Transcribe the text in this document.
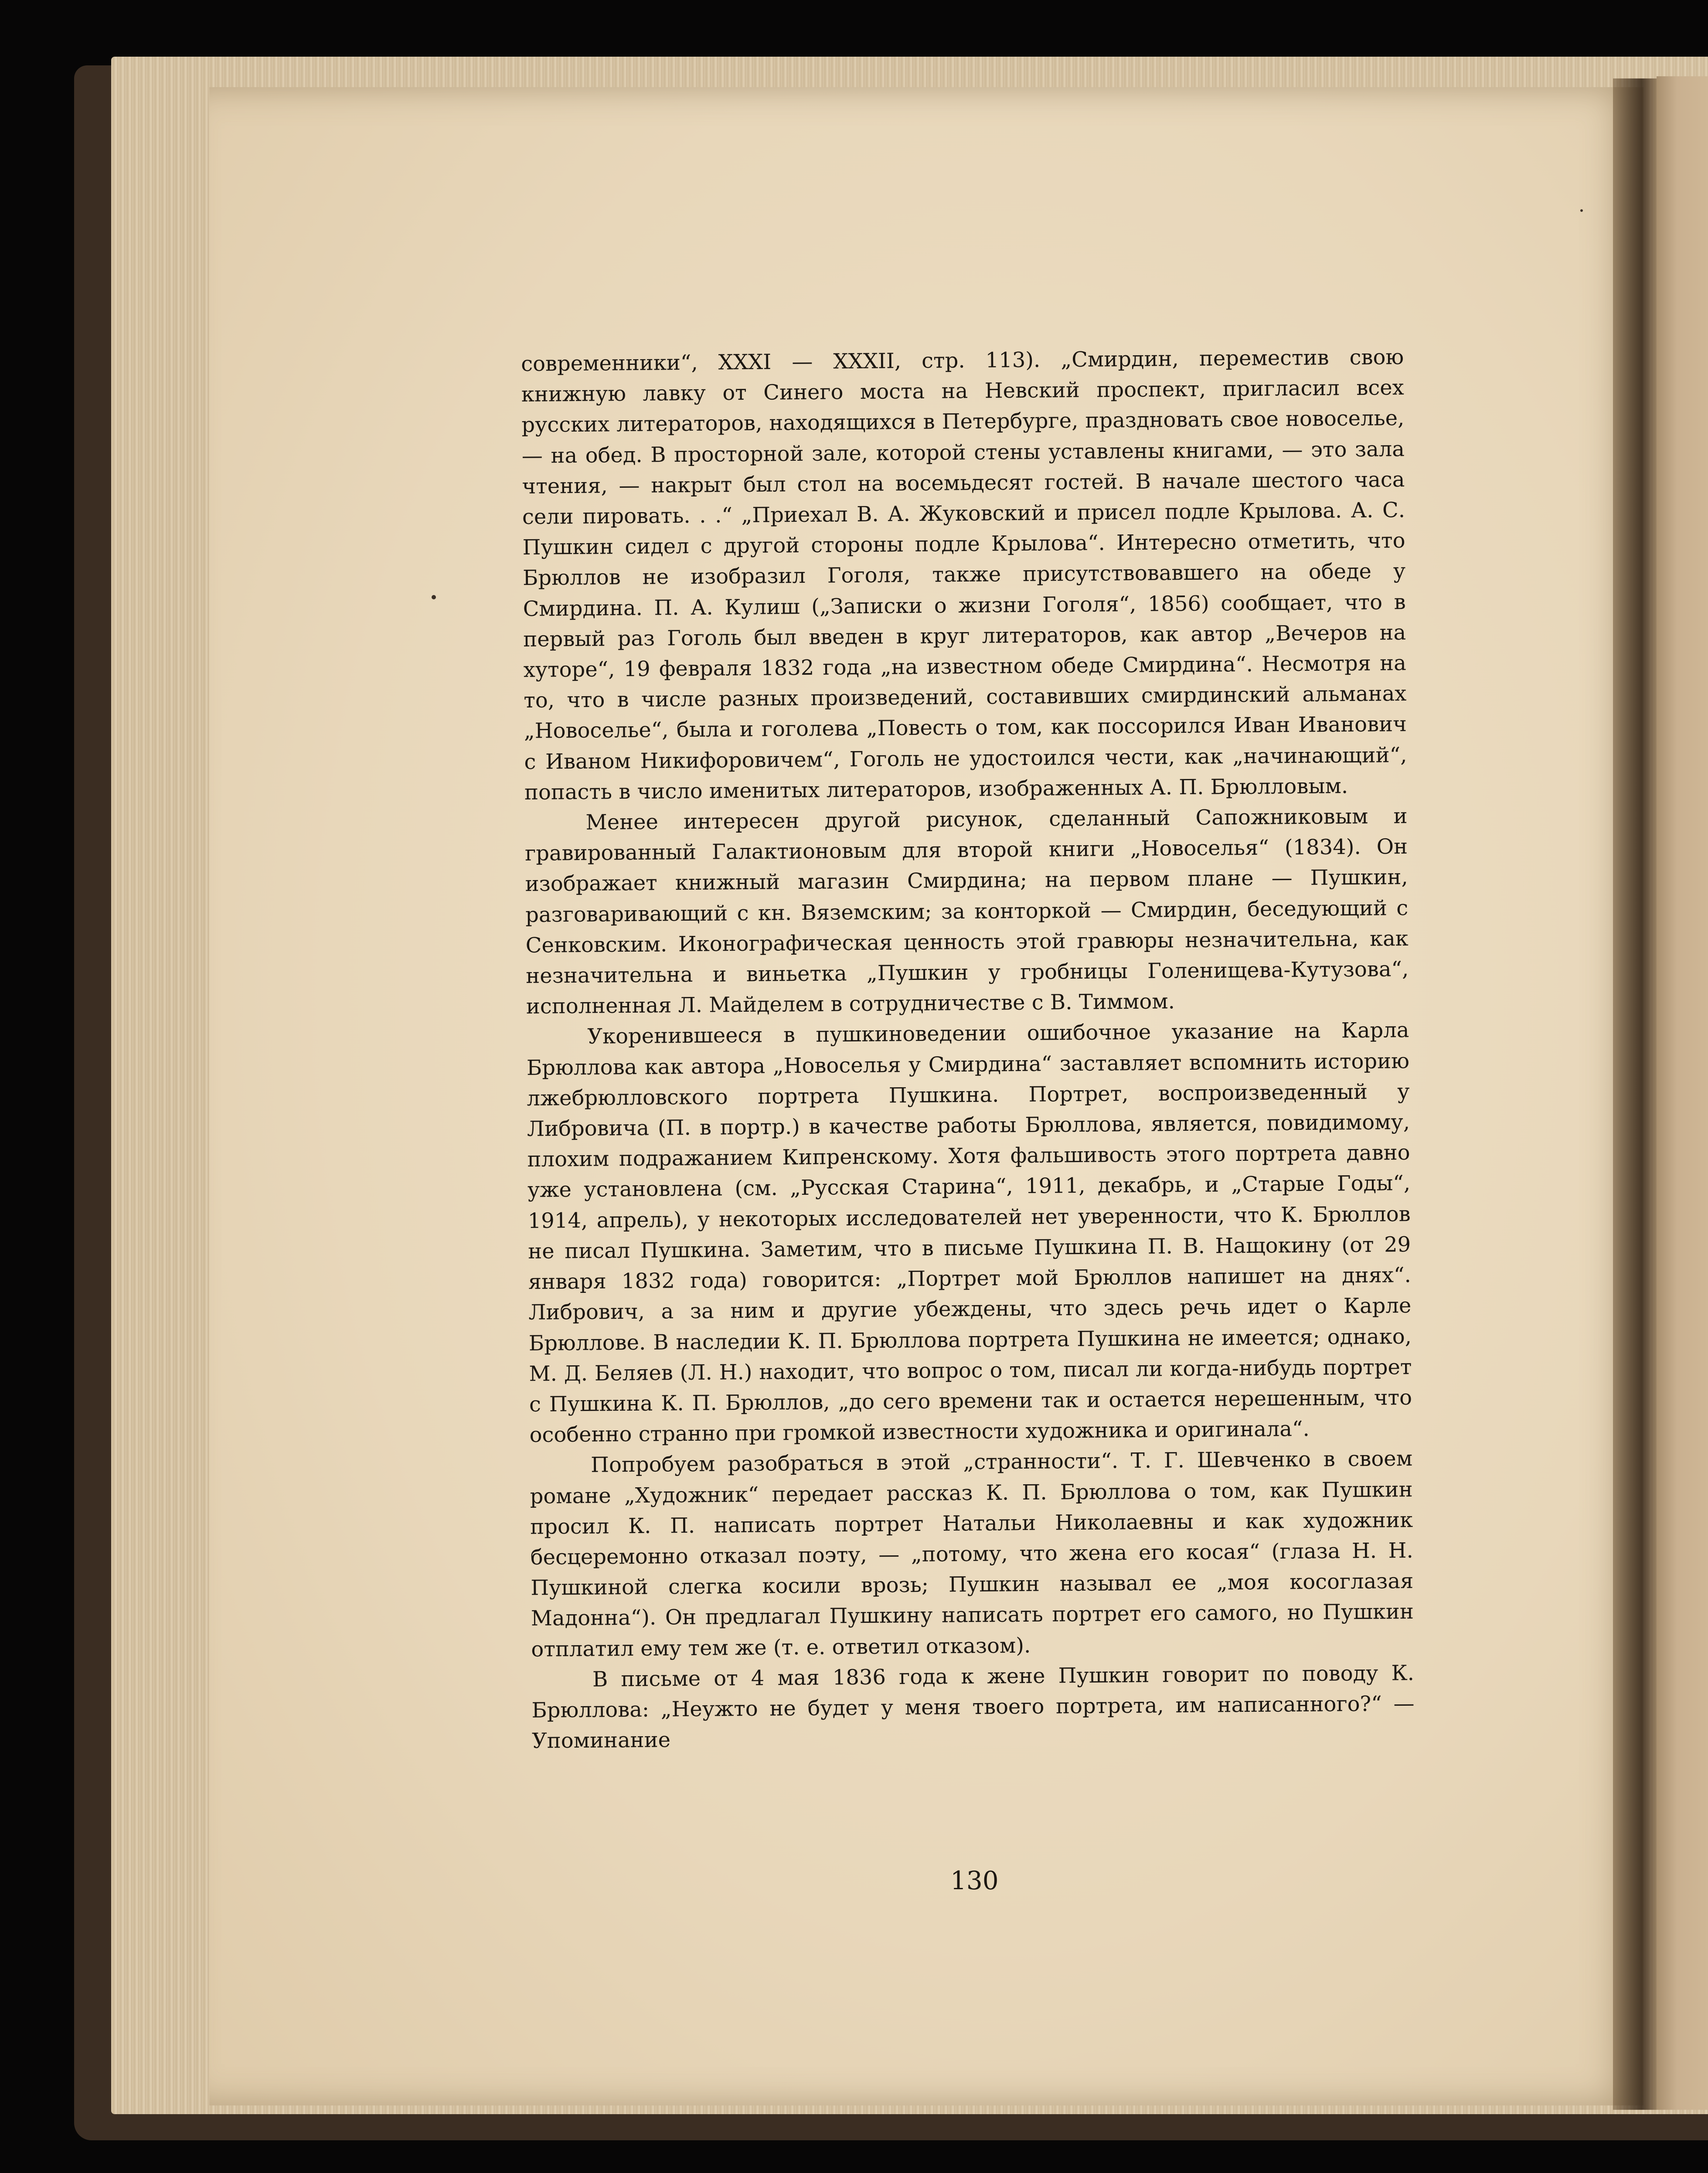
современники“, XXXI — XXXII, стр. 113). „Смирдин, переместив свою книжную лавку от Синего моста на Невский проспект, пригласил всех русских литераторов, находящихся в Петербурге, праздновать свое новоселье, — на обед. В просторной зале, которой стены уставлены книгами, — это зала чтения, — накрыт был стол на восемьдесят гостей. В начале шестого часа сели пировать. . .“ „Приехал В. А. Жуковский и присел подле Крылова. А. С. Пушкин сидел с другой стороны подле Крылова“. Интересно отметить, что Брюллов не изобразил Гоголя, также присутствовавшего на обеде у Смирдина. П. А. Кулиш („Записки о жизни Гоголя“, 1856) сообщает, что в первый раз Гоголь был введен в круг литераторов, как автор „Вечеров на хуторе“, 19 февраля 1832 года „на известном обеде Смирдина“. Несмотря на то, что в числе разных произведений, составивших смирдинский альманах „Новоселье“, была и гоголева „Повесть о том, как поссорился Иван Иванович с Иваном Никифоровичем“, Гоголь не удостоился чести, как „начинающий“, попасть в число именитых литераторов, изображенных А. П. Брюлловым.

Менее интересен другой рисунок, сделанный Сапожниковым и гравированный Галактионовым для второй книги „Новоселья“ (1834). Он изображает книжный магазин Смирдина; на первом плане — Пушкин, разговаривающий с кн. Вяземским; за конторкой — Смирдин, беседующий с Сенковским. Иконографическая ценность этой гравюры незначительна, как незначительна и виньетка „Пушкин у гробницы Голенищева-Кутузова“, исполненная Л. Майделем в сотрудничестве с В. Тиммом.

Укоренившееся в пушкиноведении ошибочное указание на Карла Брюллова как автора „Новоселья у Смирдина“ заставляет вспомнить историю лжебрюлловского портрета Пушкина. Портрет, воспроизведенный у Либровича (П. в портр.) в качестве работы Брюллова, является, повидимому, плохим подражанием Кипренскому. Хотя фальшивость этого портрета давно уже установлена (см. „Русская Старина“, 1911, декабрь, и „Старые Годы“, 1914, апрель), у некоторых исследователей нет уверенности, что К. Брюллов не писал Пушкина. Заметим, что в письме Пушкина П. В. Нащокину (от 29 января 1832 года) говорится: „Портрет мой Брюллов напишет на днях“. Либрович, а за ним и другие убеждены, что здесь речь идет о Карле Брюллове. В наследии К. П. Брюллова портрета Пушкина не имеется; однако, М. Д. Беляев (Л. Н.) находит, что вопрос о том, писал ли когда-нибудь портрет с Пушкина К. П. Брюллов, „до сего времени так и остается нерешенным, что особенно странно при громкой известности художника и оригинала“.

Попробуем разобраться в этой „странности“. Т. Г. Шевченко в своем романе „Художник“ передает рассказ К. П. Брюллова о том, как Пушкин просил К. П. написать портрет Натальи Николаевны и как художник бесцеремонно отказал поэту, — „потому, что жена его косая“ (глаза Н. Н. Пушкиной слегка косили врозь; Пушкин называл ее „моя косоглазая Мадонна“). Он предлагал Пушкину написать портрет его самого, но Пушкин отплатил ему тем же (т. е. ответил отказом).

В письме от 4 мая 1836 года к жене Пушкин говорит по поводу К. Брюллова: „Неужто не будет у меня твоего портрета, им написанного?“ — Упоминание

130
